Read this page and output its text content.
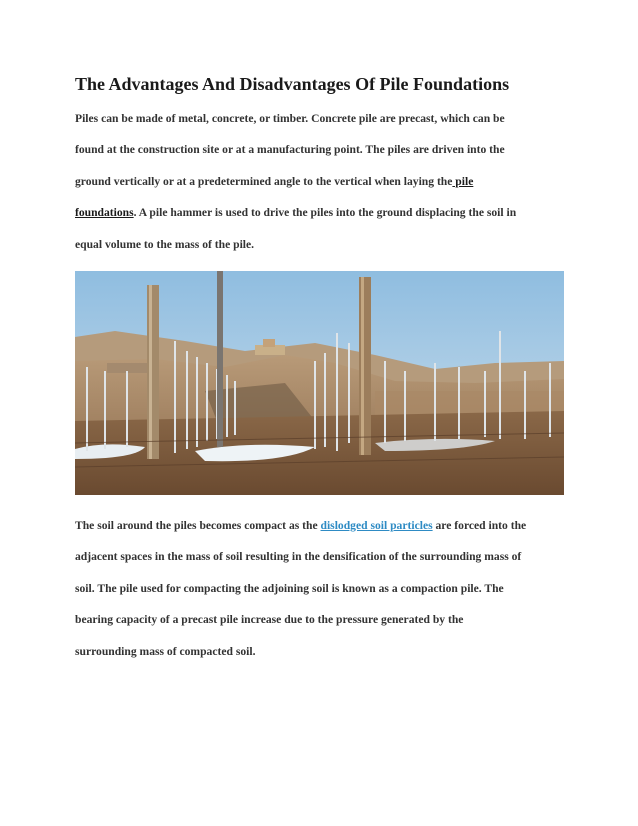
The Advantages And Disadvantages Of Pile Foundations
Piles can be made of metal, concrete, or timber. Concrete pile are precast, which can be
found at the construction site or at a manufacturing point. The piles are driven into the
ground vertically or at a predetermined angle to the vertical when laying the pile
foundations. A pile hammer is used to drive the piles into the ground displacing the soil in
equal volume to the mass of the pile.
The soil around the piles becomes compact as the dislodged soil particles are forced into the
adjacent spaces in the mass of soil resulting in the densification of the surrounding mass of
soil. The pile used for compacting the adjoining soil is known as a compaction pile. The
bearing capacity of a precast pile increase due to the pressure generated by the
surrounding mass of compacted soil.
